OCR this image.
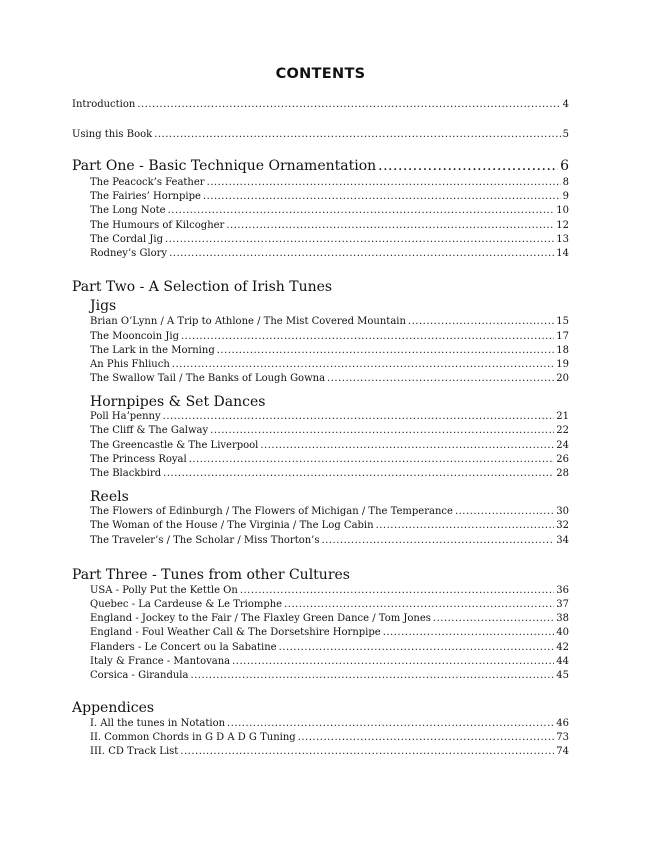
CONTENTS
Introduction .....	4
Using this Book .....	5
Part One - Basic Technique Ornamentation .....	6
The Peacock’s Feather .....	8
The Fairies’ Hornpipe .....	9
The Long Note .....	10
The Humours of Kilcogher .....	12
The Cordal Jig .....	13
Rodney’s Glory .....	14
Part Two - A Selection of Irish Tunes
Jigs
Brian O’Lynn / A Trip to Athlone / The Mist Covered Mountain .....	15
The Mooncoin Jig .....	17
The Lark in the Morning .....	18
An Phis Fhliuch .....	19
The Swallow Tail / The Banks of Lough Gowna .....	20
Hornpipes & Set Dances
Poll Ha’penny .....	21
The Cliff & The Galway .....	22
The Greencastle & The Liverpool .....	24
The Princess Royal .....	26
The Blackbird .....	28
Reels
The Flowers of Edinburgh / The Flowers of Michigan / The Temperance .....	30
The Woman of the House / The Virginia / The Log Cabin .....	32
The Traveler’s / The Scholar / Miss Thorton’s .....	34
Part Three - Tunes from other Cultures
USA - Polly Put the Kettle On .....	36
Quebec - La Cardeuse & Le Triomphe .....	37
England - Jockey to the Fair / The Flaxley Green Dance / Tom Jones .....	38
England - Foul Weather Call & The Dorsetshire Hornpipe .....	40
Flanders - Le Concert ou la Sabatine .....	42
Italy & France - Mantovana .....	44
Corsica - Girandula .....	45
Appendices
I. All the tunes in Notation .....	46
II. Common Chords in G D A D G Tuning .....	73
III. CD Track List .....	74
